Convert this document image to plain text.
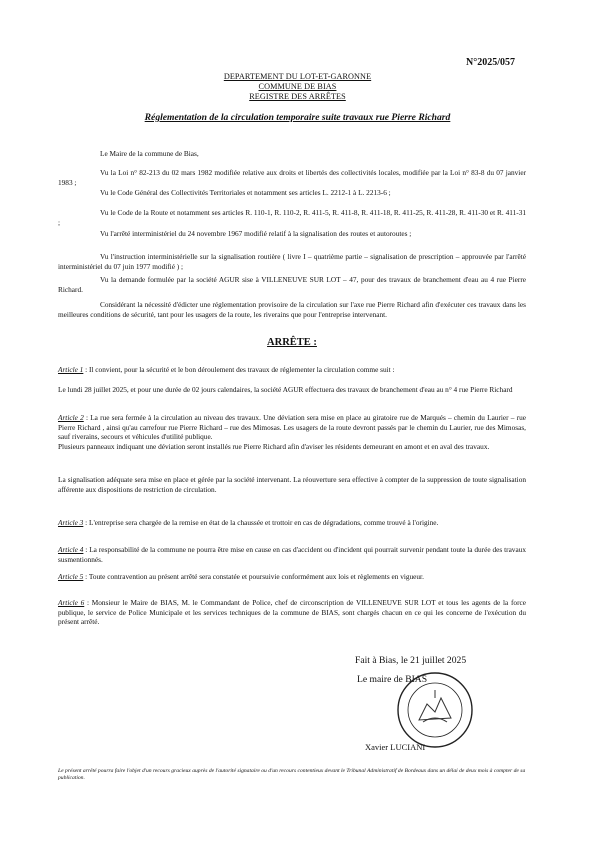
N°2025/057
DEPARTEMENT DU LOT-ET-GARONNE
COMMUNE DE BIAS
REGISTRE DES ARRÊTES
Réglementation de la circulation temporaire suite travaux rue Pierre Richard
Le Maire de la commune de Bias,
Vu la Loi n° 82-213 du 02 mars 1982 modifiée relative aux droits et libertés des collectivités locales, modifiée par la Loi n° 83-8 du 07 janvier 1983 ;
Vu le Code Général des Collectivités Territoriales et notamment ses articles L. 2212-1 à L. 2213-6 ;
Vu le Code de la Route et notamment ses articles R. 110-1, R. 110-2, R. 411-5, R. 411-8, R. 411-18, R. 411-25, R. 411-28, R. 411-30 et R. 411-31 ;
Vu l'arrêté interministériel du 24 novembre 1967 modifié relatif à la signalisation des routes et autoroutes ;
Vu l'instruction interministérielle sur la signalisation routière ( livre I – quatrième partie – signalisation de prescription – approuvée par l'arrêté interministériel du 07 juin 1977 modifié ) ;
Vu la demande formulée par la société AGUR sise à VILLENEUVE SUR LOT – 47, pour des travaux de branchement d'eau au 4 rue Pierre Richard.
Considérant la nécessité d'édicter une réglementation provisoire de la circulation sur l'axe rue Pierre Richard afin d'exécuter ces travaux dans les meilleures conditions de sécurité, tant pour les usagers de la route, les riverains que pour l'entreprise intervenant.
ARRÊTE :
Article 1 : Il convient, pour la sécurité et le bon déroulement des travaux de réglementer la circulation comme suit :
Le lundi 28 juillet 2025, et pour une durée de 02 jours calendaires, la société AGUR effectuera des travaux de branchement d'eau au n° 4 rue Pierre Richard
Article 2 : La rue sera fermée à la circulation au niveau des travaux. Une déviation sera mise en place au giratoire rue de Marqués – chemin du Laurier – rue Pierre Richard , ainsi qu'au carrefour rue Pierre Richard – rue des Mimosas. Les usagers de la route devront passés par le chemin du Laurier, rue des Mimosas, sauf riverains, secours et véhicules d'utilité publique.
Plusieurs panneaux indiquant une déviation seront installés rue Pierre Richard afin d'aviser les résidents demeurant en amont et en aval des travaux.
La signalisation adéquate sera mise en place et gérée par la société intervenant. La réouverture sera effective à compter de la suppression de toute signalisation afférente aux dispositions de restriction de circulation.
Article 3 : L'entreprise sera chargée de la remise en état de la chaussée et trottoir en cas de dégradations, comme trouvé à l'origine.
Article 4 : La responsabilité de la commune ne pourra être mise en cause en cas d'accident ou d'incident qui pourrait survenir pendant toute la durée des travaux susmentionnés.
Article 5 : Toute contravention au présent arrêté sera constatée et poursuivie conformément aux lois et règlements en vigueur.
Article 6 : Monsieur le Maire de BIAS, M. le Commandant de Police, chef de circonscription de VILLENEUVE SUR LOT et tous les agents de la force publique, le service de Police Municipale et les services techniques de la commune de BIAS, sont chargés chacun en ce qui les concerne de l'exécution du présent arrêté.
Fait à Bias, le 21 juillet 2025
Le maire de BIAS
Xavier LUCIANI
Le présent arrêté pourra faire l'objet d'un recours gracieux auprès de l'autorité signataire ou d'un recours contentieux devant le Tribunal Administratif de Bordeaux dans un délai de deux mois à compter de sa publication.
